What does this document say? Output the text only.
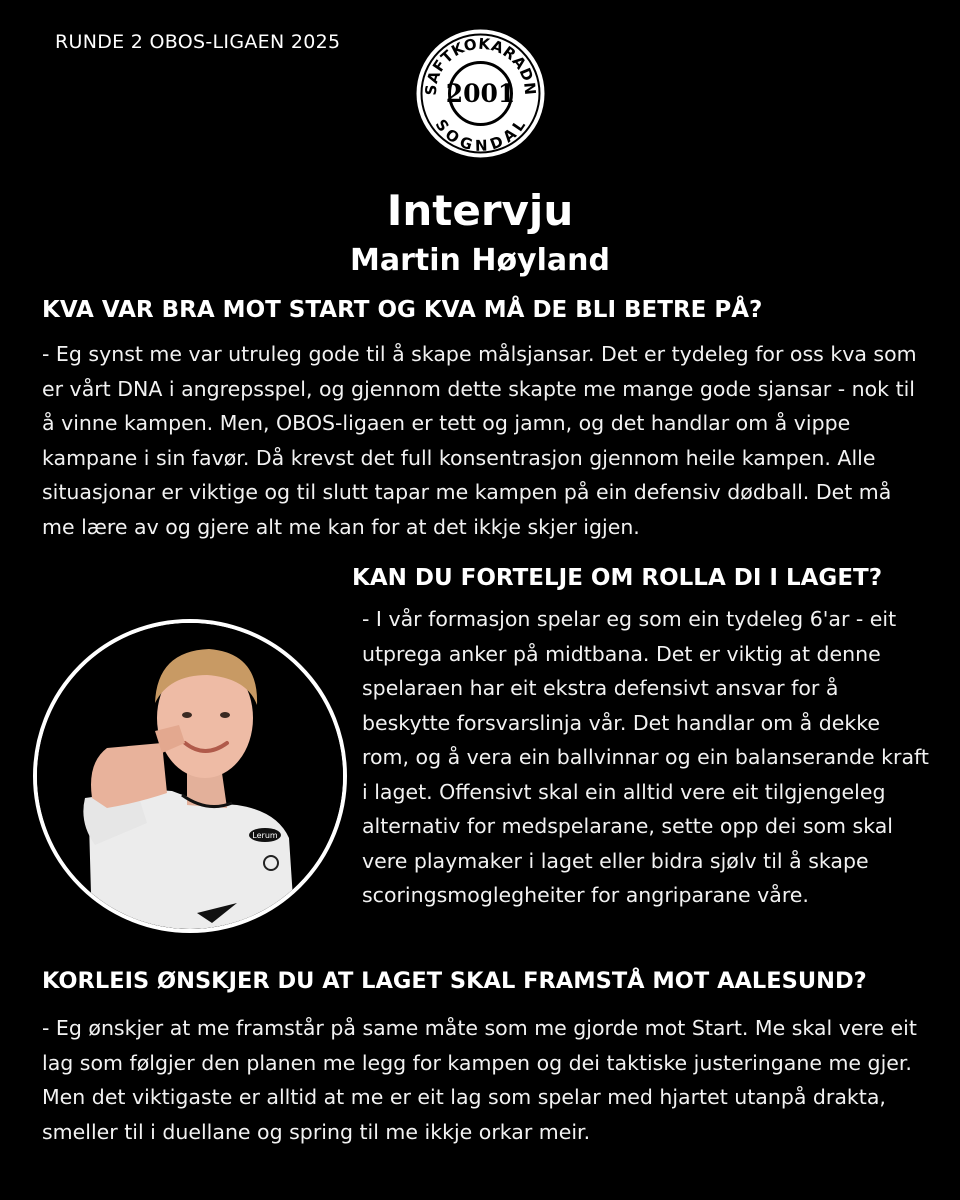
RUNDE 2 OBOS-LIGAEN 2025
SAFTKOKARADN
SOGNDAL
2001
Intervju
Martin Høyland
KVA VAR BRA MOT START OG KVA MÅ DE BLI BETRE PÅ?
- Eg synst me var utruleg gode til å skape målsjansar. Det er tydeleg for oss kva som er vårt DNA i angrepsspel, og gjennom dette skapte me mange gode sjansar - nok til å vinne kampen. Men, OBOS-ligaen er tett og jamn, og det handlar om å vippe kampane i sin favør. Då krevst det full konsentrasjon gjennom heile kampen. Alle situasjonar er viktige og til slutt tapar me kampen på ein defensiv dødball. Det må me lære av og gjere alt me kan for at det ikkje skjer igjen.
KAN DU FORTELJE OM ROLLA DI I LAGET?
- I vår formasjon spelar eg som ein tydeleg 6'ar - eit utprega anker på midtbana. Det er viktig at denne spelaraen har eit ekstra defensivt ansvar for å beskytte forsvarslinja vår. Det handlar om å dekke rom, og å vera ein ballvinnar og ein balanserande kraft i laget. Offensivt skal ein alltid vere eit tilgjengeleg alternativ for medspelarane, sette opp dei som skal vere playmaker i laget eller bidra sjølv til å skape scoringsmoglegheiter for angriparane våre.
Lerum
KORLEIS ØNSKJER DU AT LAGET SKAL FRAMSTÅ MOT AALESUND?
- Eg ønskjer at me framstår på same måte som me gjorde mot Start. Me skal vere eit lag som følgjer den planen me legg for kampen og dei taktiske justeringane me gjer. Men det viktigaste er alltid at me er eit lag som spelar med hjartet utanpå drakta, smeller til i duellane og spring til me ikkje orkar meir.
